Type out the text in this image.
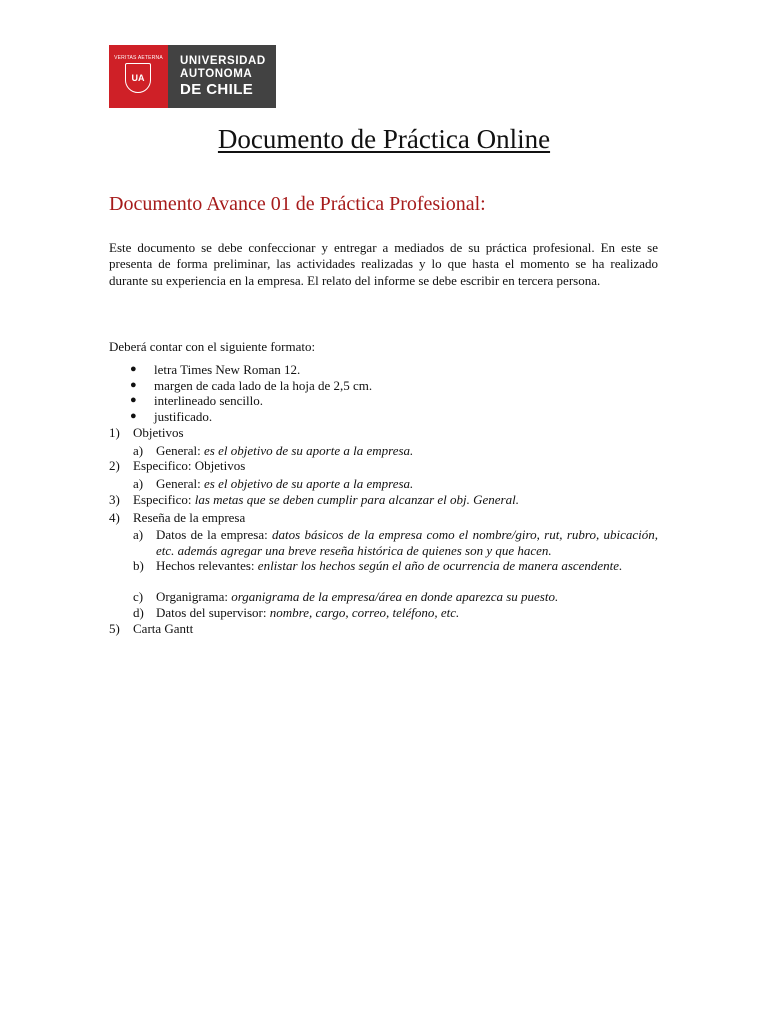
VERITAS AETERNA
UA
UNIVERSIDAD
AUTONOMA
DE CHILE
Documento de Práctica Online
Documento Avance 01 de Práctica Profesional:

Este documento se debe confeccionar y entregar a mediados de su práctica profesional. En este se presenta de forma preliminar, las actividades realizadas y lo que hasta el momento se ha realizado durante su experiencia en la empresa. El relato del informe se debe escribir en tercera persona.

Deberá contar con el siguiente formato:

● letra Times New Roman 12.
● margen de cada lado de la hoja de 2,5 cm.
● interlineado sencillo.
● justificado.
1)	Objetivos
a) General: es el objetivo de su aporte a la empresa.
2)	Especifico: Objetivos
a) General: es el objetivo de su aporte a la empresa.
3)	Especifico: las metas que se deben cumplir para alcanzar el obj. General.
4)	Reseña de la empresa
a) Datos de la empresa: datos básicos de la empresa como el nombre/giro, rut, rubro, ubicación, etc. además agregar una breve reseña histórica de quienes son y que hacen.
b) Hechos relevantes: enlistar los hechos según el año de ocurrencia de manera ascendente.
c) Organigrama: organigrama de la empresa/área en donde aparezca su puesto.
d) Datos del supervisor: nombre, cargo, correo, teléfono, etc.
5)	Carta Gantt
